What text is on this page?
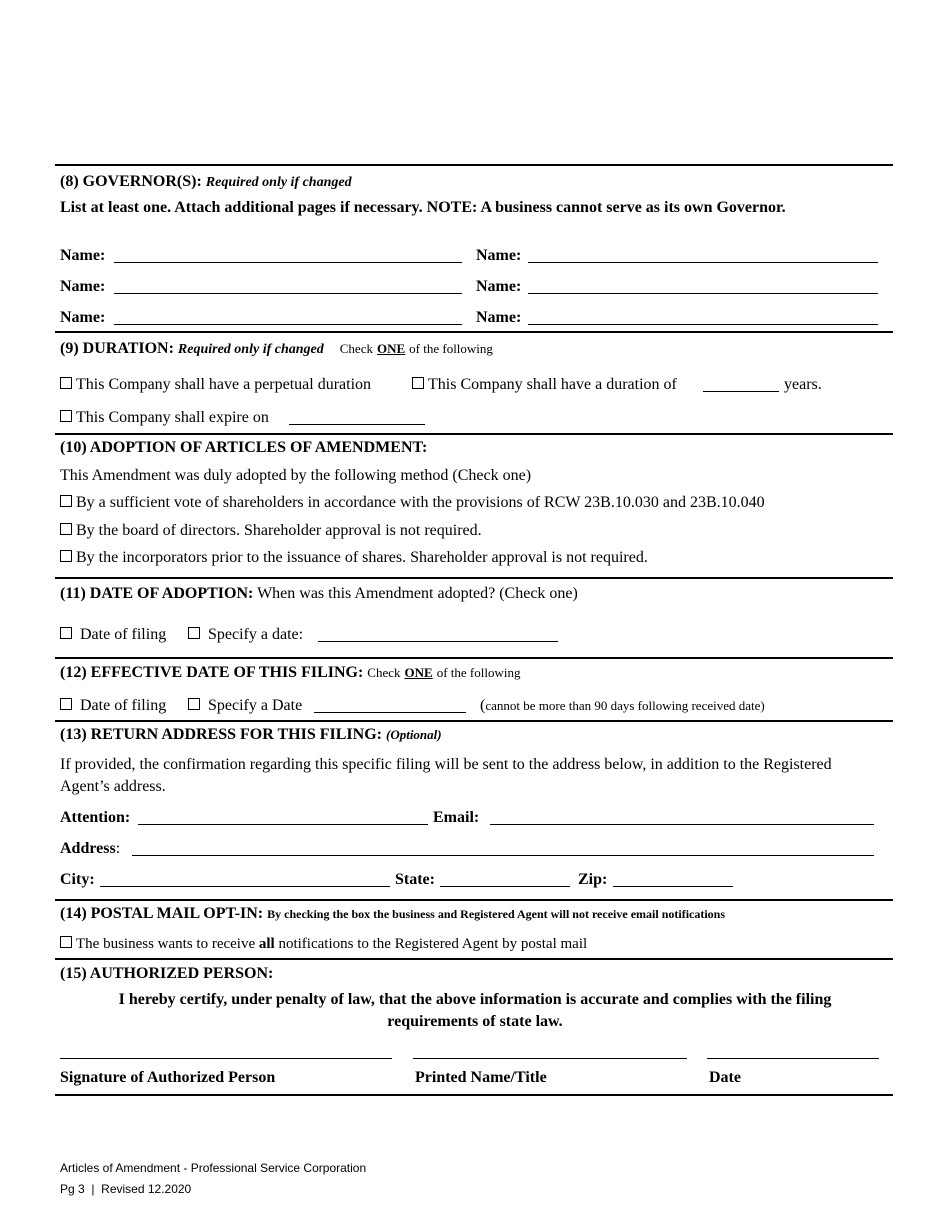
(8) GOVERNOR(S): Required only if changed
List at least one. Attach additional pages if necessary. NOTE: A business cannot serve as its own Governor.
Name:	Name:
Name:	Name:
Name:	Name:
(9) DURATION: Required only if changed Check ONE of the following
This Company shall have a perpetual duration	This Company shall have a duration of	years.
This Company shall expire on
(10) ADOPTION OF ARTICLES OF AMENDMENT:
This Amendment was duly adopted by the following method (Check one)
By a sufficient vote of shareholders in accordance with the provisions of RCW 23B.10.030 and 23B.10.040
By the board of directors. Shareholder approval is not required.
By the incorporators prior to the issuance of shares. Shareholder approval is not required.
(11) DATE OF ADOPTION: When was this Amendment adopted? (Check one)
Date of filing	Specify a date:
(12) EFFECTIVE DATE OF THIS FILING: Check ONE of the following
Date of filing	Specify a Date	(cannot be more than 90 days following received date)
(13) RETURN ADDRESS FOR THIS FILING: (Optional)
If provided, the confirmation regarding this specific filing will be sent to the address below, in addition to the Registered
Agent’s address.
Attention:	Email:
Address:
City:	State:	Zip:
(14) POSTAL MAIL OPT-IN: By checking the box the business and Registered Agent will not receive email notifications
The business wants to receive all notifications to the Registered Agent by postal mail
(15) AUTHORIZED PERSON:
I hereby certify, under penalty of law, that the above information is accurate and complies with the filing
requirements of state law.
Signature of Authorized Person	Printed Name/Title	Date
Articles of Amendment - Professional Service Corporation
Pg 3 | Revised 12.2020
